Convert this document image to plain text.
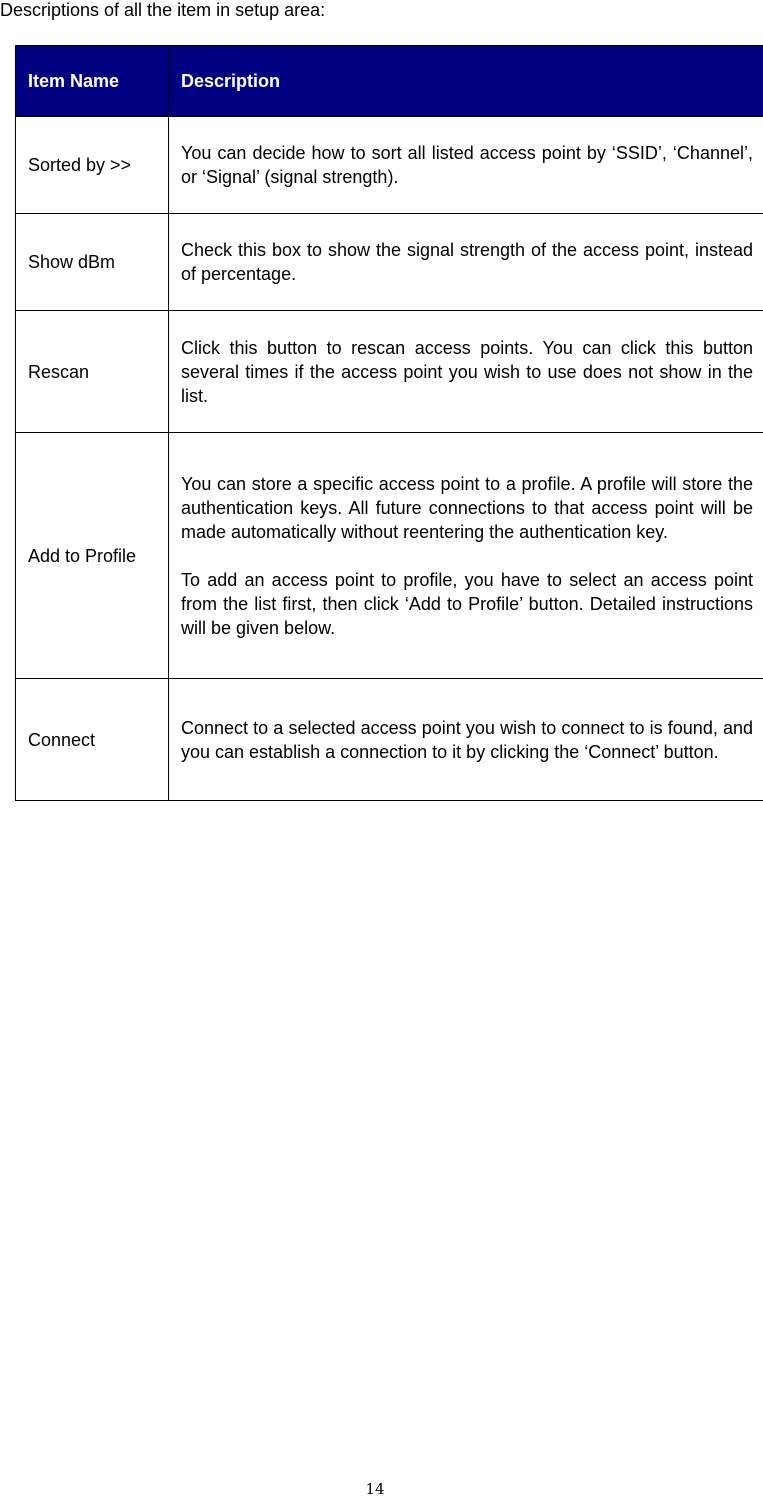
Descriptions of all the item in setup area:

Item Name	Description
Sorted by >>	You can decide how to sort all listed access point by ‘SSID’, ‘Channel’, or ‘Signal’ (signal strength).

Show dBm	Check this box to show the signal strength of the access point, instead of percentage.

Rescan	Click this button to rescan access points. You can click this button several times if the access point you wish to use does not show in the list.

Add to Profile	You can store a specific access point to a profile. A profile will store the authentication keys. All future connections to that access point will be made automatically without reentering the authentication key.

To add an access point to profile, you have to select an access point from the list first, then click ‘Add to Profile’ button. Detailed instructions will be given below.

Connect	Connect to a selected access point you wish to connect to is found, and you can establish a connection to it by clicking the ‘Connect’ button.

14
